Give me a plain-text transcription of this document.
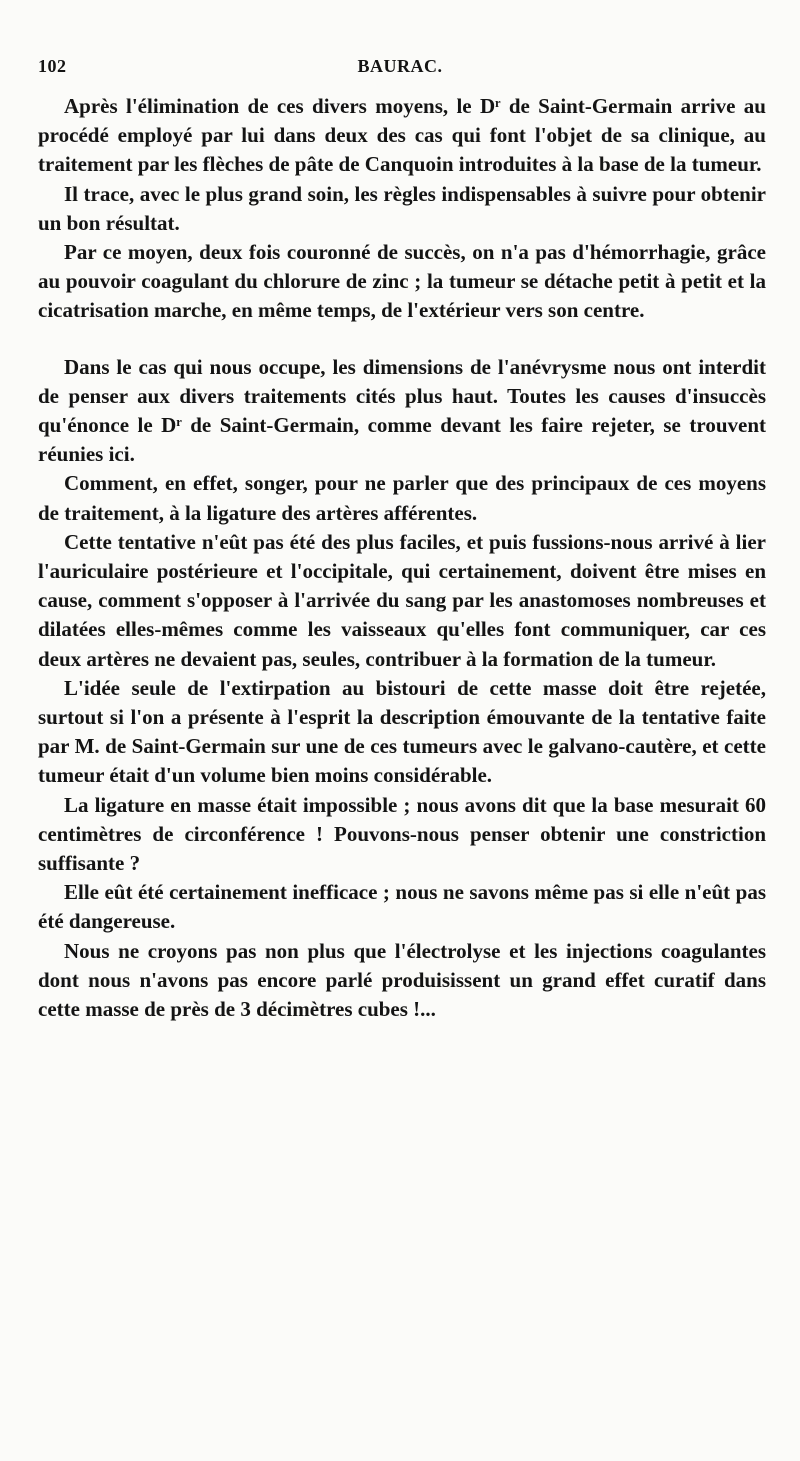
102	BAURAC.

Après l'élimination de ces divers moyens, le Dʳ de Saint-Germain arrive au procédé employé par lui dans deux des cas qui font l'objet de sa clinique, au traitement par les flèches de pâte de Canquoin introduites à la base de la tumeur.

Il trace, avec le plus grand soin, les règles indispensables à suivre pour obtenir un bon résultat.

Par ce moyen, deux fois couronné de succès, on n'a pas d'hémorrhagie, grâce au pouvoir coagulant du chlorure de zinc ; la tumeur se détache petit à petit et la cicatrisation marche, en même temps, de l'extérieur vers son centre.

Dans le cas qui nous occupe, les dimensions de l'anévrysme nous ont interdit de penser aux divers traitements cités plus haut. Toutes les causes d'insuccès qu'énonce le Dʳ de Saint-Germain, comme devant les faire rejeter, se trouvent réunies ici.

Comment, en effet, songer, pour ne parler que des principaux de ces moyens de traitement, à la ligature des artères afférentes.

Cette tentative n'eût pas été des plus faciles, et puis fussions-nous arrivé à lier l'auriculaire postérieure et l'occipitale, qui certainement, doivent être mises en cause, comment s'opposer à l'arrivée du sang par les anastomoses nombreuses et dilatées elles-mêmes comme les vaisseaux qu'elles font communiquer, car ces deux artères ne devaient pas, seules, contribuer à la formation de la tumeur.

L'idée seule de l'extirpation au bistouri de cette masse doit être rejetée, surtout si l'on a présente à l'esprit la description émouvante de la tentative faite par M. de Saint-Germain sur une de ces tumeurs avec le galvano-cautère, et cette tumeur était d'un volume bien moins considérable.

La ligature en masse était impossible ; nous avons dit que la base mesurait 60 centimètres de circonférence ! Pouvons-nous penser obtenir une constriction suffisante ?

Elle eût été certainement inefficace ; nous ne savons même pas si elle n'eût pas été dangereuse.

Nous ne croyons pas non plus que l'électrolyse et les injections coagulantes dont nous n'avons pas encore parlé produisissent un grand effet curatif dans cette masse de près de 3 décimètres cubes !...
